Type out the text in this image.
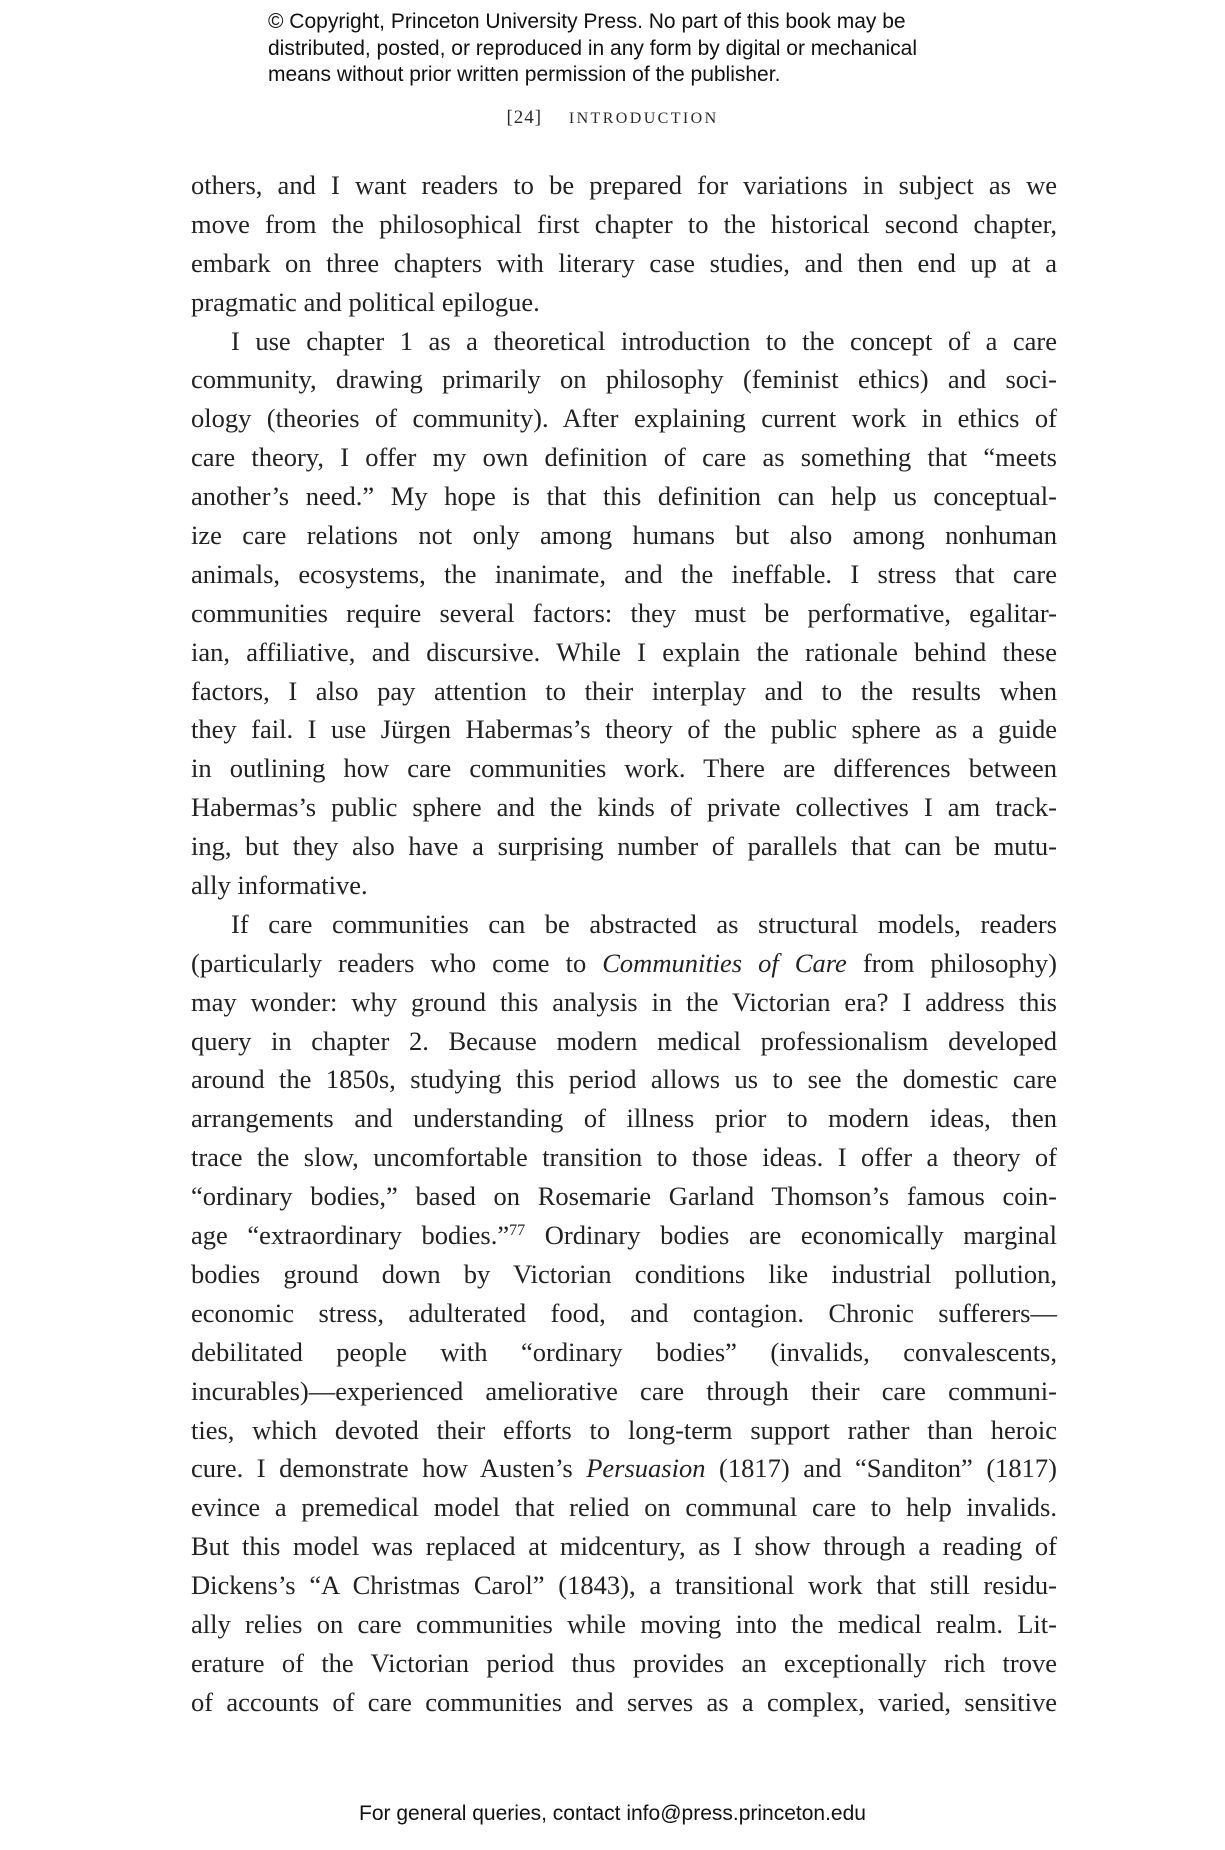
© Copyright, Princeton University Press. No part of this book may be
distributed, posted, or reproduced in any form by digital or mechanical
means without prior written permission of the publisher.
[24] INTRODUCTION
others, and I want readers to be prepared for variations in subject as we
move from the philosophical first chapter to the historical second chapter,
embark on three chapters with literary case studies, and then end up at a
pragmatic and political epilogue.
I use chapter 1 as a theoretical introduction to the concept of a care
community, drawing primarily on philosophy (feminist ethics) and soci-
ology (theories of community). After explaining current work in ethics of
care theory, I offer my own definition of care as something that “meets
another’s need.” My hope is that this definition can help us conceptual-
ize care relations not only among humans but also among nonhuman
animals, ecosystems, the inanimate, and the ineffable. I stress that care
communities require several factors: they must be performative, egalitar-
ian, affiliative, and discursive. While I explain the rationale behind these
factors, I also pay attention to their interplay and to the results when
they fail. I use Jürgen Habermas’s theory of the public sphere as a guide
in outlining how care communities work. There are differences between
Habermas’s public sphere and the kinds of private collectives I am track-
ing, but they also have a surprising number of parallels that can be mutu-
ally informative.
If care communities can be abstracted as structural models, readers
(particularly readers who come to Communities of Care from philosophy)
may wonder: why ground this analysis in the Victorian era? I address this
query in chapter 2. Because modern medical professionalism developed
around the 1850s, studying this period allows us to see the domestic care
arrangements and understanding of illness prior to modern ideas, then
trace the slow, uncomfortable transition to those ideas. I offer a theory of
“ordinary bodies,” based on Rosemarie Garland Thomson’s famous coin-
age “extraordinary bodies.”$^{77}$ Ordinary bodies are economically marginal
bodies ground down by Victorian conditions like industrial pollution,
economic stress, adulterated food, and contagion. Chronic sufferers—
debilitated people with “ordinary bodies” (invalids, convalescents,
incurables)—experienced ameliorative care through their care communi-
ties, which devoted their efforts to long-term support rather than heroic
cure. I demonstrate how Austen’s Persuasion (1817) and “Sanditon” (1817)
evince a premedical model that relied on communal care to help invalids.
But this model was replaced at midcentury, as I show through a reading of
Dickens’s “A Christmas Carol” (1843), a transitional work that still residu-
ally relies on care communities while moving into the medical realm. Lit-
erature of the Victorian period thus provides an exceptionally rich trove
of accounts of care communities and serves as a complex, varied, sensitive
For general queries, contact info@press.princeton.edu
